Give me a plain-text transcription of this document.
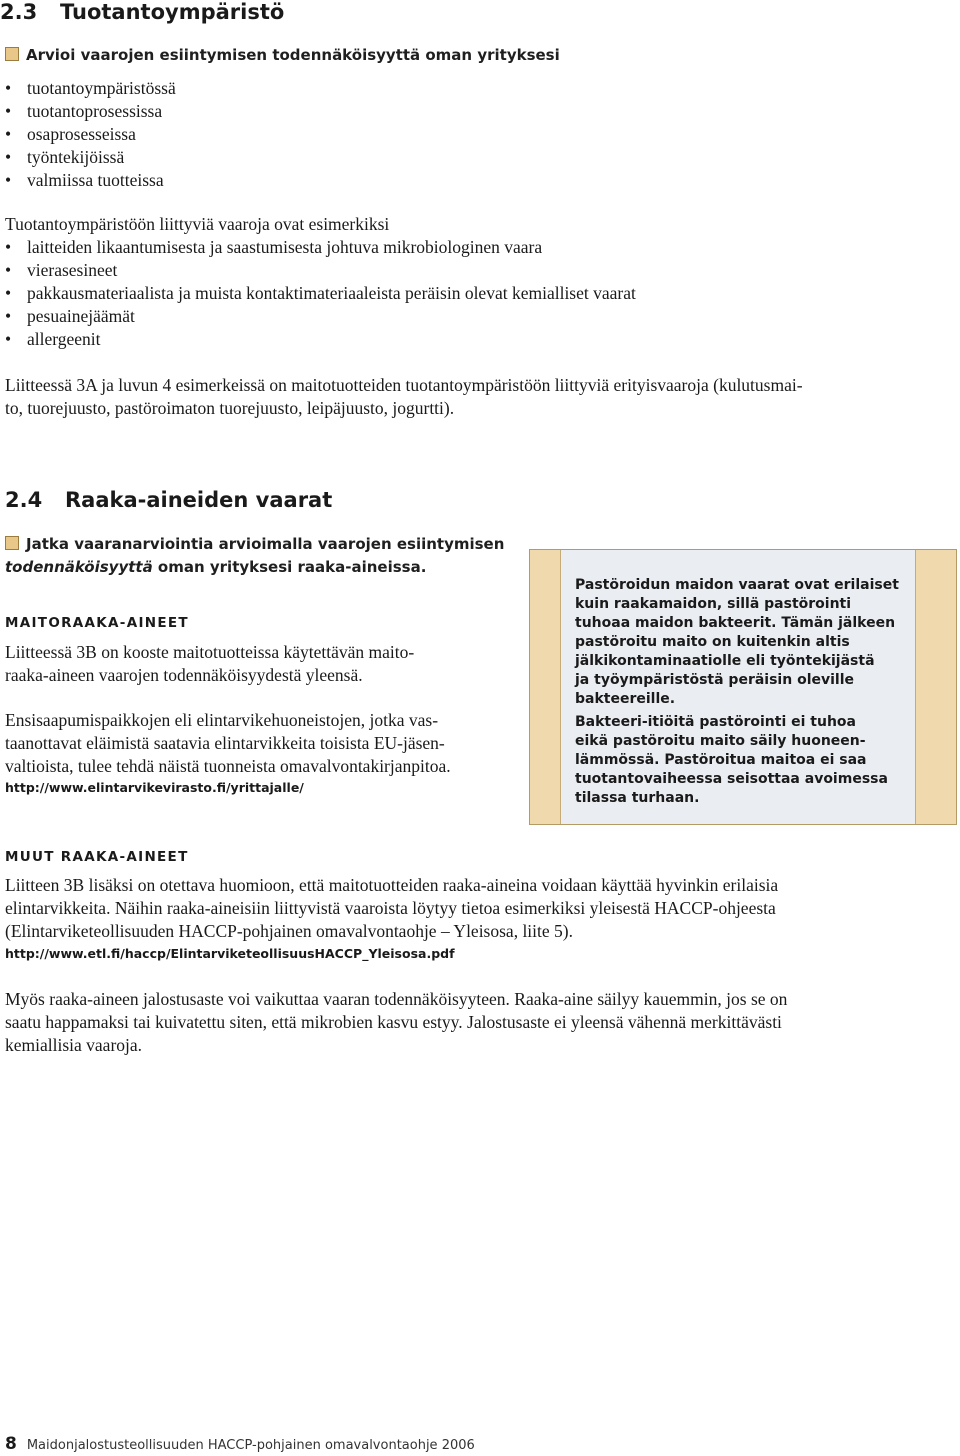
2.3 Tuotantoympäristö
Arvioi vaarojen esiintymisen todennäköisyyttä oman yrityksesi
• tuotantoympäristössä
• tuotantoprosessissa
• osaprosesseissa
• työntekijöissä
• valmiissa tuotteissa
Tuotantoympäristöön liittyviä vaaroja ovat esimerkiksi
• laitteiden likaantumisesta ja saastumisesta johtuva mikrobiologinen vaara
• vierasesineet
• pakkausmateriaalista ja muista kontaktimateriaaleista peräisin olevat kemialliset vaarat
• pesuainejäämät
• allergeenit
Liitteessä 3A ja luvun 4 esimerkeissä on maitotuotteiden tuotantoympäristöön liittyviä erityisvaaroja (kulutusmai-
to, tuorejuusto, pastöroimaton tuorejuusto, leipäjuusto, jogurtti).
2.4 Raaka-aineiden vaarat
Jatka vaaranarviointia arvioimalla vaarojen esiintymisen
todennäköisyyttä oman yrityksesi raaka-aineissa.
MAITORAAKA-AINEET
Liitteessä 3B on kooste maitotuotteissa käytettävän maito-
raaka-aineen vaarojen todennäköisyydestä yleensä.
Ensisaapumispaikkojen eli elintarvikehuoneistojen, jotka vas-
taanottavat eläimistä saatavia elintarvikkeita toisista EU-jäsen-
valtioista, tulee tehdä näistä tuonneista omavalvontakirjanpitoa.
http://www.elintarvikevirasto.fi/yrittajalle/

Pastöroidun maidon vaarat ovat erilaiset

kuin raakamaidon, sillä pastörointi

tuhoaa maidon bakteerit. Tämän jälkeen

pastöroitu maito on kuitenkin altis

jälkikontaminaatiolle eli työntekijästä

ja työympäristöstä peräisin oleville

bakteereille.

Bakteeri-itiöitä pastörointi ei tuhoa

eikä pastöroitu maito säily huoneen-

lämmössä. Pastöroitua maitoa ei saa

tuotantovaiheessa seisottaa avoimessa

tilassa turhaan.

MUUT RAAKA-AINEET
Liitteen 3B lisäksi on otettava huomioon, että maitotuotteiden raaka-aineina voidaan käyttää hyvinkin erilaisia
elintarvikkeita. Näihin raaka-aineisiin liittyvistä vaaroista löytyy tietoa esimerkiksi yleisestä HACCP-ohjeesta
(Elintarviketeollisuuden HACCP-pohjainen omavalvontaohje – Yleisosa, liite 5).
http://www.etl.fi/haccp/ElintarviketeollisuusHACCP_Yleisosa.pdf
Myös raaka-aineen jalostusaste voi vaikuttaa vaaran todennäköisyyteen. Raaka-aine säilyy kauemmin, jos se on
saatu happamaksi tai kuivatettu siten, että mikrobien kasvu estyy. Jalostusaste ei yleensä vähennä merkittävästi
kemiallisia vaaroja.
8 Maidonjalostusteollisuuden HACCP-pohjainen omavalvontaohje 2006
